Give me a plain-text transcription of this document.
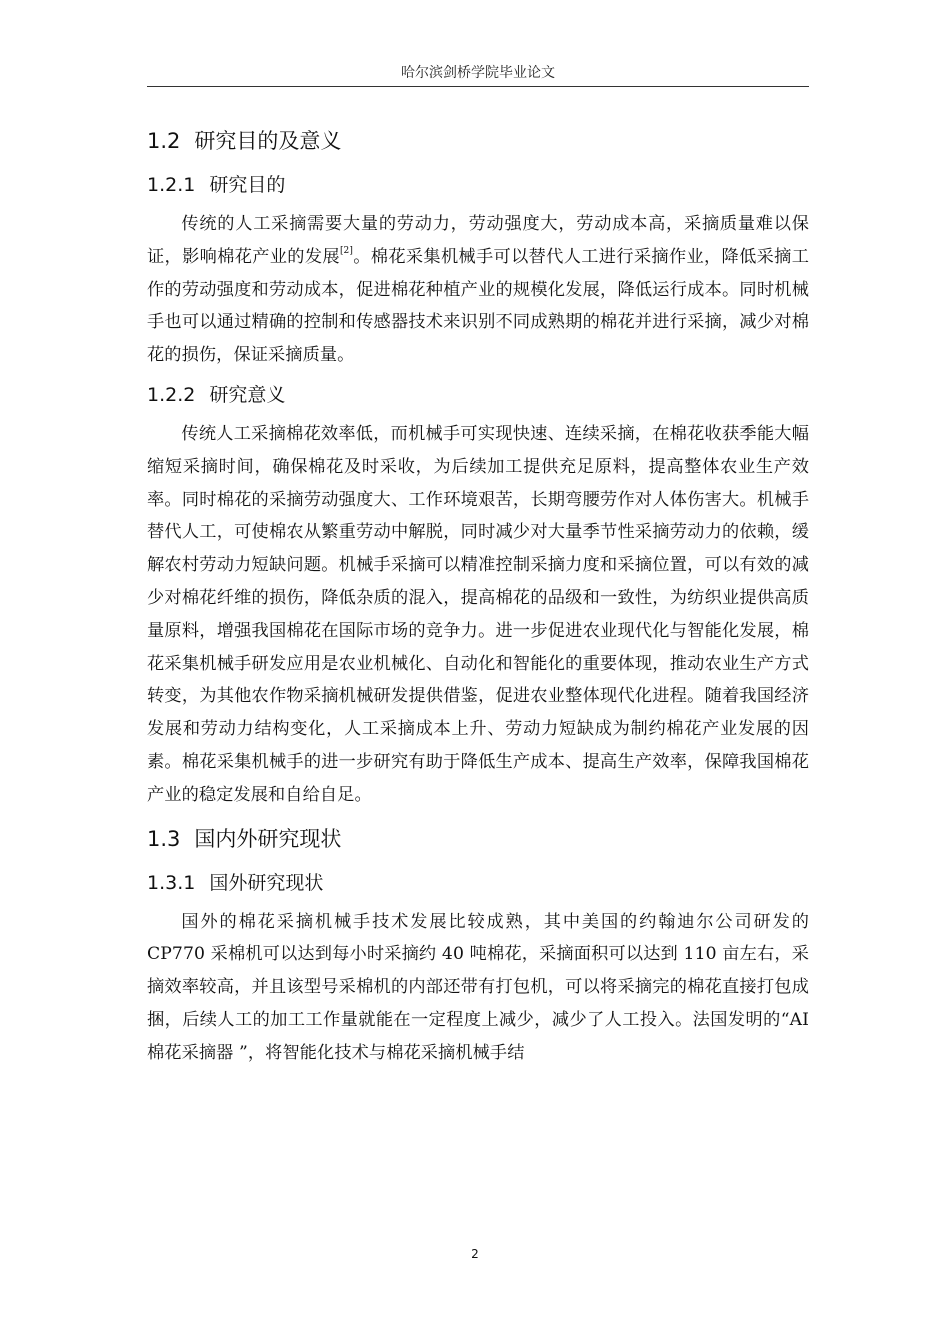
哈尔滨剑桥学院毕业论文
1.2 研究目的及意义
1.2.1 研究目的

传统的人工采摘需要大量的劳动力，劳动强度大，劳动成本高，采摘质量难以保证，影响棉花产业的发展[2]。棉花采集机械手可以替代人工进行采摘作业，降低采摘工作的劳动强度和劳动成本，促进棉花种植产业的规模化发展，降低运行成本。同时机械手也可以通过精确的控制和传感器技术来识别不同成熟期的棉花并进行采摘，减少对棉花的损伤，保证采摘质量。

1.2.2 研究意义

传统人工采摘棉花效率低，而机械手可实现快速、连续采摘，在棉花收获季能大幅缩短采摘时间，确保棉花及时采收，为后续加工提供充足原料，提高整体农业生产效率。同时棉花的采摘劳动强度大、工作环境艰苦，长期弯腰劳作对人体伤害大。机械手替代人工，可使棉农从繁重劳动中解脱，同时减少对大量季节性采摘劳动力的依赖，缓解农村劳动力短缺问题。机械手采摘可以精准控制采摘力度和采摘位置，可以有效的减少对棉花纤维的损伤，降低杂质的混入，提高棉花的品级和一致性，为纺织业提供高质量原料，增强我国棉花在国际市场的竞争力。进一步促进农业现代化与智能化发展，棉花采集机械手研发应用是农业机械化、自动化和智能化的重要体现，推动农业生产方式转变，为其他农作物采摘机械研发提供借鉴，促进农业整体现代化进程。随着我国经济发展和劳动力结构变化，人工采摘成本上升、劳动力短缺成为制约棉花产业发展的因素。棉花采集机械手的进一步研究有助于降低生产成本、提高生产效率，保障我国棉花产业的稳定发展和自给自足。

1.3 国内外研究现状
1.3.1 国外研究现状

国外的棉花采摘机械手技术发展比较成熟，其中美国的约翰迪尔公司研发的 CP770 采棉机可以达到每小时采摘约 40 吨棉花，采摘面积可以达到 110 亩左右，采摘效率较高，并且该型号采棉机的内部还带有打包机，可以将采摘完的棉花直接打包成捆，后续人工的加工工作量就能在一定程度上减少，减少了人工投入。法国发明的“AI 棉花采摘器 ”，将智能化技术与棉花采摘机械手结

2
